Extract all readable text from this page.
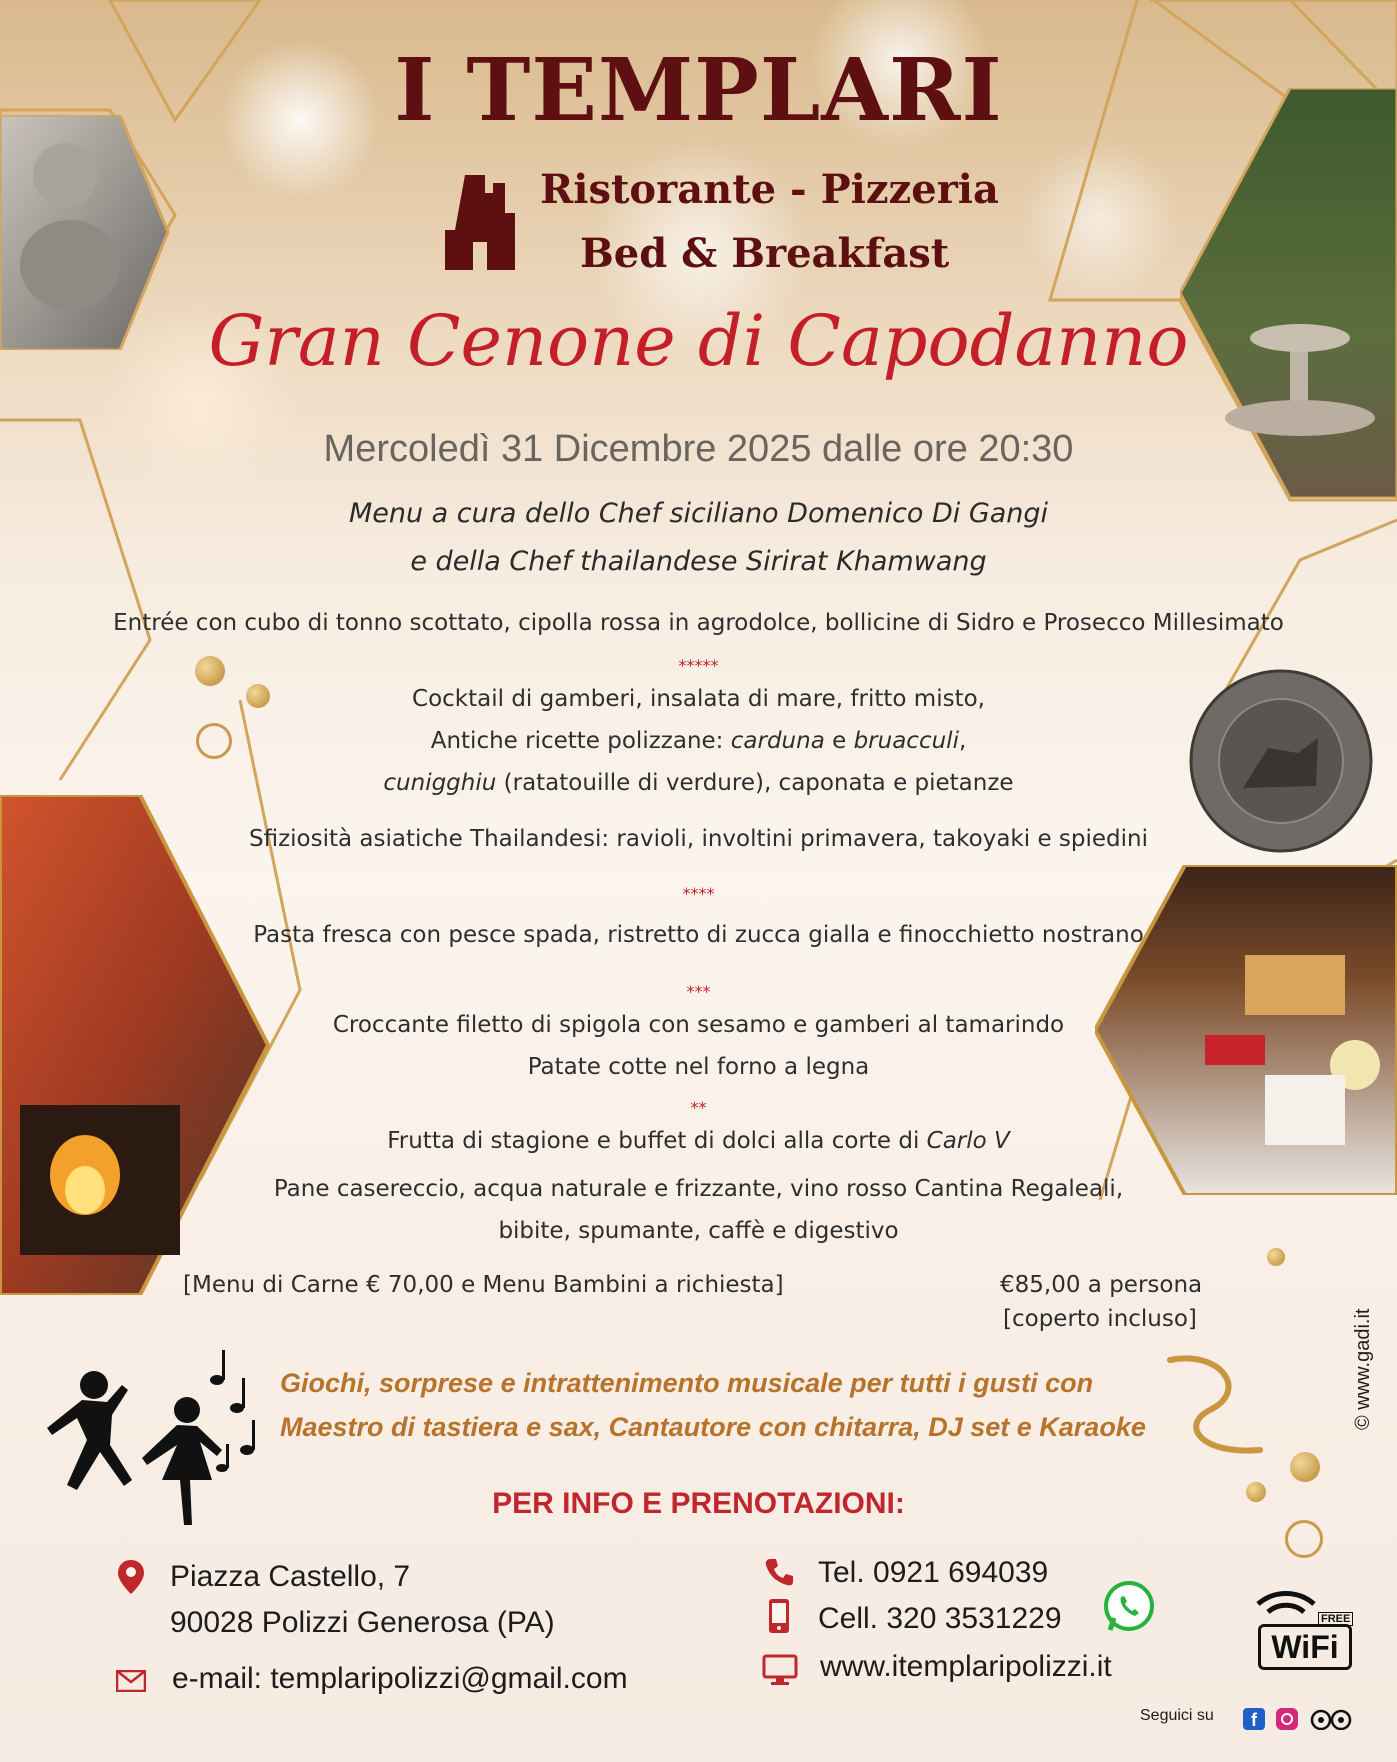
I TEMPLARI
Ristorante - Pizzeria
Bed & Breakfast
Gran Cenone di Capodanno
Mercoledì 31 Dicembre 2025 dalle ore 20:30
Menu a cura dello Chef siciliano Domenico Di Gangi
e della Chef thailandese Sirirat Khamwang
Entrée con cubo di tonno scottato, cipolla rossa in agrodolce, bollicine di Sidro e Prosecco Millesimato
*****
Cocktail di gamberi, insalata di mare, fritto misto,
Antiche ricette polizzane: carduna e bruacculi,
cunigghiu (ratatouille di verdure), caponata e pietanze
Sfiziosità asiatiche Thailandesi: ravioli, involtini primavera, takoyaki e spiedini
****
Pasta fresca con pesce spada, ristretto di zucca gialla e finocchietto nostrano
***
Croccante filetto di spigola con sesamo e gamberi al tamarindo
Patate cotte nel forno a legna
**
Frutta di stagione e buffet di dolci alla corte di Carlo V
Pane casereccio, acqua naturale e frizzante, vino rosso Cantina Regaleali,
bibite, spumante, caffè e digestivo
[Menu di Carne € 70,00 e Menu Bambini a richiesta]	€85,00 a persona
[coperto incluso]
Giochi, sorprese e intrattenimento musicale per tutti i gusti con
Maestro di tastiera e sax, Cantautore con chitarra, DJ set e Karaoke
PER INFO E PRENOTAZIONI:
Piazza Castello, 7
90028 Polizzi Generosa (PA)
e-mail: templaripolizzi@gmail.com
Tel. 0921 694039
Cell. 320 3531229
www.itemplaripolizzi.it
FREE
WiFi
Seguici su	f
© www.gadi.it
